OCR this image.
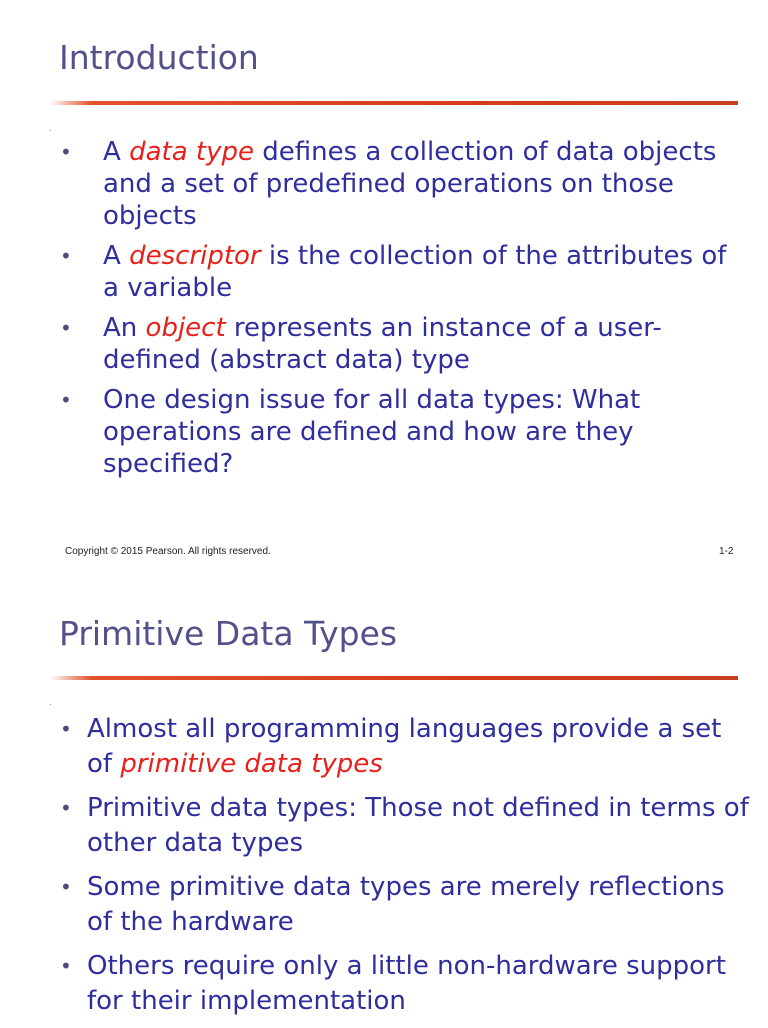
Introduction
• A data type defines a collection of data objects and a set of predefined operations on those objects
• A descriptor is the collection of the attributes of a variable
• An object represents an instance of a user-defined (abstract data) type
• One design issue for all data types: What operations are defined and how are they specified?
Copyright © 2015 Pearson. All rights reserved.	1-2
Primitive Data Types
• Almost all programming languages provide a set of primitive data types
• Primitive data types: Those not defined in terms of other data types
• Some primitive data types are merely reflections of the hardware
• Others require only a little non-hardware support for their implementation
